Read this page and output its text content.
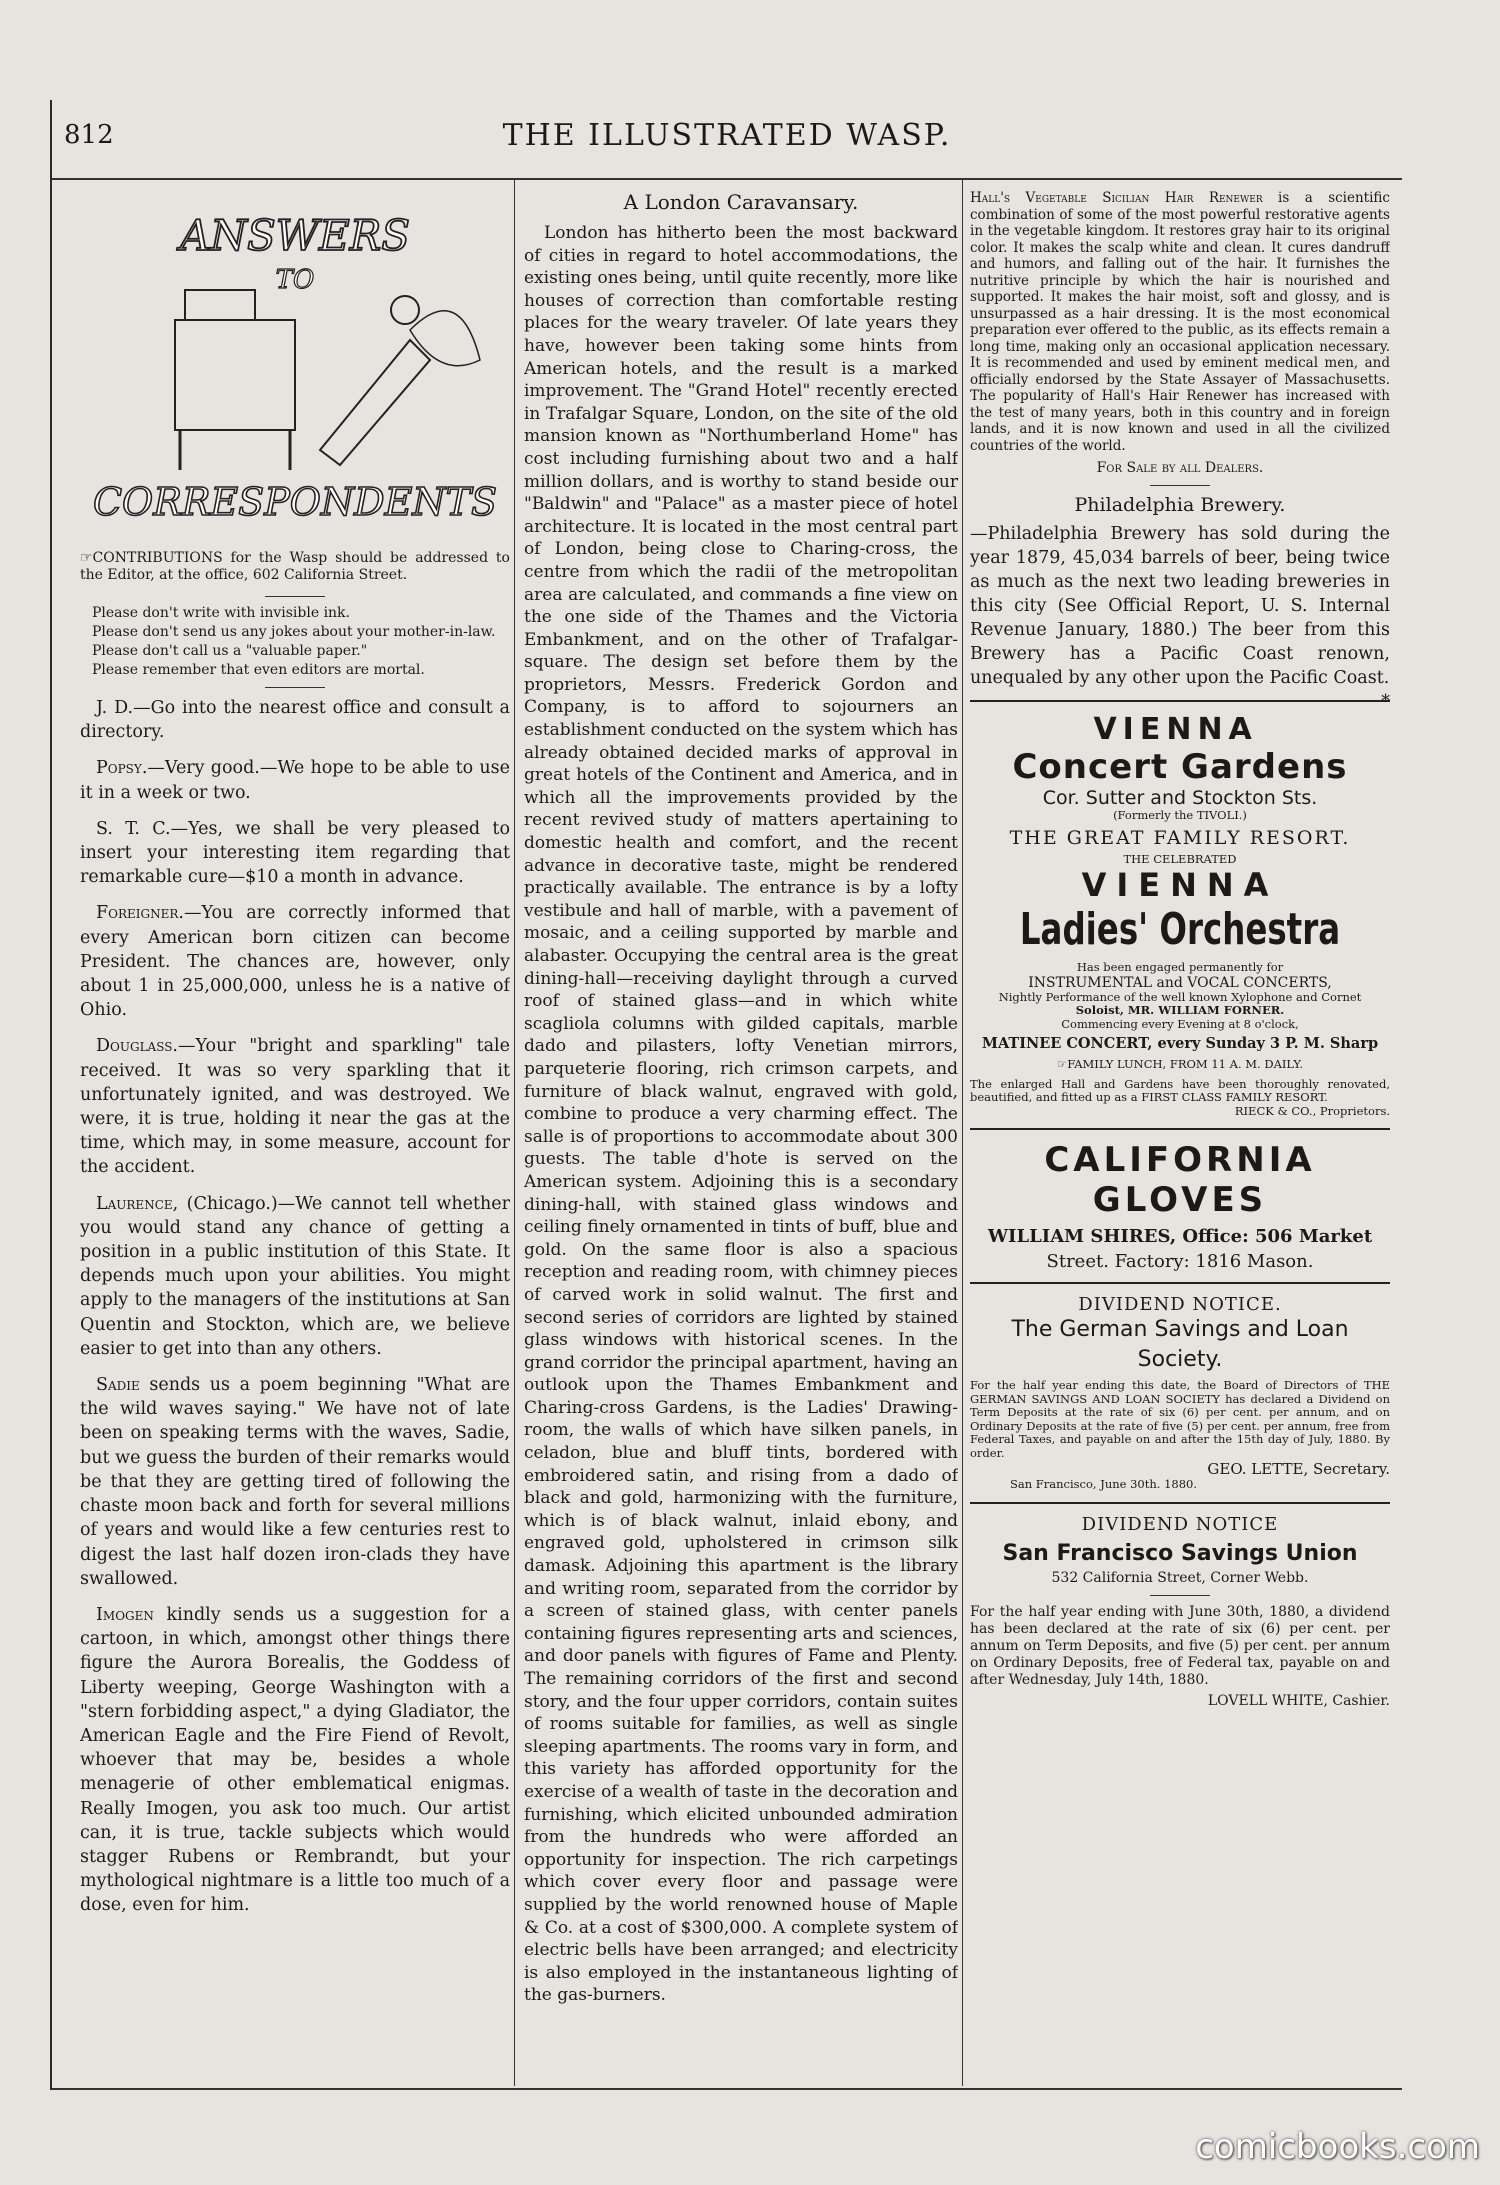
812	THE ILLUSTRATED WASP.
ANSWERS
TO
CORRESPONDENTS

☞CONTRIBUTIONS for the Wasp should be addressed to the Editor, at the office, 602 California Street.

Please don't write with invisible ink.

Please don't send us any jokes about your mother-in-law.

Please don't call us a "valuable paper."

Please remember that even editors are mortal.

J. D.—Go into the nearest office and consult a directory.

Popsy.—Very good.—We hope to be able to use it in a week or two.

S. T. C.—Yes, we shall be very pleased to insert your interesting item regarding that remarkable cure—$10 a month in advance.

Foreigner.—You are correctly informed that every American born citizen can become President. The chances are, however, only about 1 in 25,000,000, unless he is a native of Ohio.

Douglass.—Your "bright and sparkling" tale received. It was so very sparkling that it unfortunately ignited, and was destroyed. We were, it is true, holding it near the gas at the time, which may, in some measure, account for the accident.

Laurence, (Chicago.)—We cannot tell whether you would stand any chance of getting a position in a public institution of this State. It depends much upon your abilities. You might apply to the managers of the institutions at San Quentin and Stockton, which are, we believe easier to get into than any others.

Sadie sends us a poem beginning "What are the wild waves saying." We have not of late been on speaking terms with the waves, Sadie, but we guess the burden of their remarks would be that they are getting tired of following the chaste moon back and forth for several millions of years and would like a few centuries rest to digest the last half dozen iron-clads they have swallowed.

Imogen kindly sends us a suggestion for a cartoon, in which, amongst other things there figure the Aurora Borealis, the Goddess of Liberty weeping, George Washington with a "stern forbidding aspect," a dying Gladiator, the American Eagle and the Fire Fiend of Revolt, whoever that may be, besides a whole menagerie of other emblematical enigmas. Really Imogen, you ask too much. Our artist can, it is true, tackle subjects which would stagger Rubens or Rembrandt, but your mythological nightmare is a little too much of a dose, even for him.

A London Caravansary.

London has hitherto been the most backward of cities in regard to hotel accommodations, the existing ones being, until quite recently, more like houses of correction than comfortable resting places for the weary traveler. Of late years they have, however been taking some hints from American hotels, and the result is a marked improvement. The "Grand Hotel" recently erected in Trafalgar Square, London, on the site of the old mansion known as "Northumberland Home" has cost including furnishing about two and a half million dollars, and is worthy to stand beside our "Baldwin" and "Palace" as a master piece of hotel architecture. It is located in the most central part of London, being close to Charing-cross, the centre from which the radii of the metropolitan area are calculated, and commands a fine view on the one side of the Thames and the Victoria Embankment, and on the other of Trafalgar-square. The design set before them by the proprietors, Messrs. Frederick Gordon and Company, is to afford to sojourners an establishment conducted on the system which has already obtained decided marks of approval in great hotels of the Continent and America, and in which all the improvements provided by the recent revived study of matters apertaining to domestic health and comfort, and the recent advance in decorative taste, might be rendered practically available. The entrance is by a lofty vestibule and hall of marble, with a pavement of mosaic, and a ceiling supported by marble and alabaster. Occupying the central area is the great dining-hall—receiving daylight through a curved roof of stained glass—and in which white scagliola columns with gilded capitals, marble dado and pilasters, lofty Venetian mirrors, parqueterie flooring, rich crimson carpets, and furniture of black walnut, engraved with gold, combine to produce a very charming effect. The salle is of proportions to accommodate about 300 guests. The table d'hote is served on the American system. Adjoining this is a secondary dining-hall, with stained glass windows and ceiling finely ornamented in tints of buff, blue and gold. On the same floor is also a spacious reception and reading room, with chimney pieces of carved work in solid walnut. The first and second series of corridors are lighted by stained glass windows with historical scenes. In the grand corridor the principal apartment, having an outlook upon the Thames Embankment and Charing-cross Gardens, is the Ladies' Drawing-room, the walls of which have silken panels, in celadon, blue and bluff tints, bordered with embroidered satin, and rising from a dado of black and gold, harmonizing with the furniture, which is of black walnut, inlaid ebony, and engraved gold, upholstered in crimson silk damask. Adjoining this apartment is the library and writing room, separated from the corridor by a screen of stained glass, with center panels containing figures representing arts and sciences, and door panels with figures of Fame and Plenty. The remaining corridors of the first and second story, and the four upper corridors, contain suites of rooms suitable for families, as well as single sleeping apartments. The rooms vary in form, and this variety has afforded opportunity for the exercise of a wealth of taste in the decoration and furnishing, which elicited unbounded admiration from the hundreds who were afforded an opportunity for inspection. The rich carpetings which cover every floor and passage were supplied by the world renowned house of Maple & Co. at a cost of $300,000. A complete system of electric bells have been arranged; and electricity is also employed in the instantaneous lighting of the gas-burners.

Hall's Vegetable Sicilian Hair Renewer is a scientific combination of some of the most powerful restorative agents in the vegetable kingdom. It restores gray hair to its original color. It makes the scalp white and clean. It cures dandruff and humors, and falling out of the hair. It furnishes the nutritive principle by which the hair is nourished and supported. It makes the hair moist, soft and glossy, and is unsurpassed as a hair dressing. It is the most economical preparation ever offered to the public, as its effects remain a long time, making only an occasional application necessary. It is recommended and used by eminent medical men, and officially endorsed by the State Assayer of Massachusetts. The popularity of Hall's Hair Renewer has increased with the test of many years, both in this country and in foreign lands, and it is now known and used in all the civilized countries of the world.

For Sale by all Dealers.
Philadelphia Brewery.

—Philadelphia Brewery has sold during the year 1879, 45,034 barrels of beer, being twice as much as the next two leading breweries in this city (See Official Report, U. S. Internal Revenue January, 1880.) The beer from this Brewery has a Pacific Coast renown, unequaled by any other upon the Pacific Coast.
*

VIENNA
Concert Gardens
Cor. Sutter and Stockton Sts.
(Formerly the TIVOLI.)
THE GREAT FAMILY RESORT.
THE CELEBRATED
VIENNA
Ladies' Orchestra
Has been engaged permanently for
INSTRUMENTAL and VOCAL CONCERTS,
Nightly Performance of the well known Xylophone and Cornet
Soloist, MR. WILLIAM FORNER.
Commencing every Evening at 8 o'clock,
MATINEE CONCERT, every Sunday 3 P. M. Sharp
☞FAMILY LUNCH, FROM 11 A. M. DAILY.
The enlarged Hall and Gardens have been thoroughly renovated, beautified, and fitted up as a FIRST CLASS FAMILY RESORT.
RIECK & CO., Proprietors.
CALIFORNIA
GLOVES
WILLIAM SHIRES, Office: 506 Market
Street. Factory: 1816 Mason.
DIVIDEND NOTICE.
The German Savings and Loan Society.
For the half year ending this date, the Board of Directors of THE GERMAN SAVINGS AND LOAN SOCIETY has declared a Dividend on Term Deposits at the rate of six (6) per cent. per annum, and on Ordinary Deposits at the rate of five (5) per cent. per annum, free from Federal Taxes, and payable on and after the 15th day of July, 1880. By order.
GEO. LETTE, Secretary.
San Francisco, June 30th. 1880.
DIVIDEND NOTICE
San Francisco Savings Union
532 California Street, Corner Webb.
For the half year ending with June 30th, 1880, a dividend has been declared at the rate of six (6) per cent. per annum on Term Deposits, and five (5) per cent. per annum on Ordinary Deposits, free of Federal tax, payable on and after Wednesday, July 14th, 1880.
LOVELL WHITE, Cashier.
comicbooks.com
